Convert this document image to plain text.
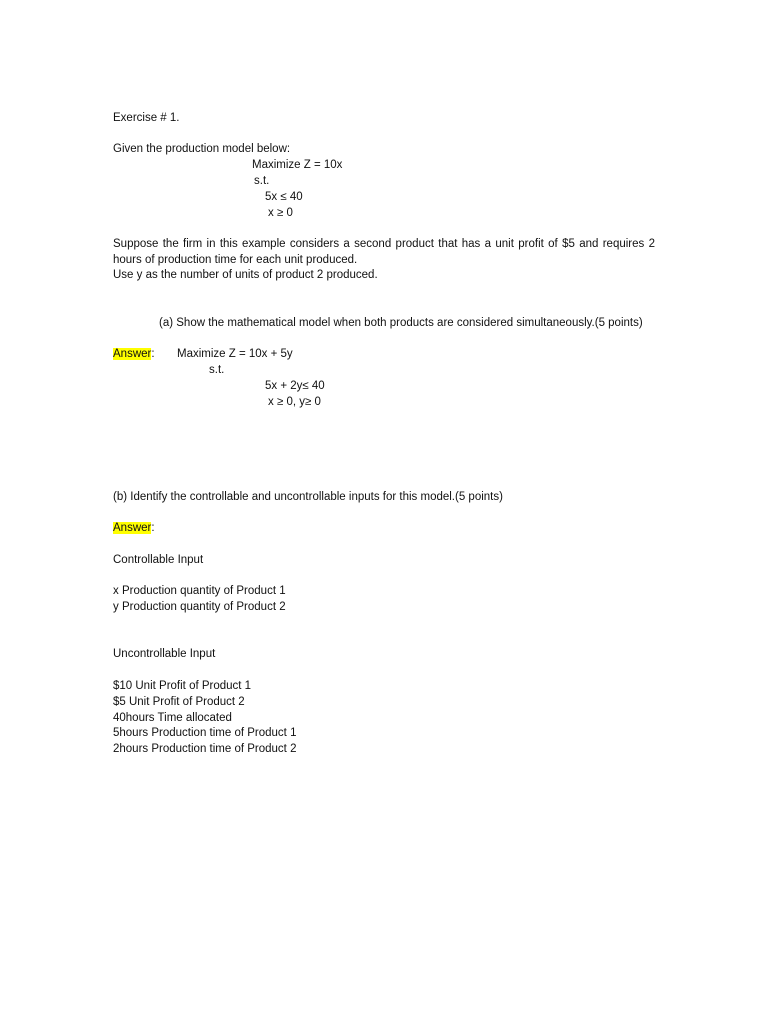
Exercise # 1.
Given the production model below:
Maximize Z = 10x
s.t.
5x ≤ 40
x ≥ 0
Suppose the firm in this example considers a second product that has a unit profit of $5 and requires 2 hours of production time for each unit produced.
Use y as the number of units of product 2 produced.
(a) Show the mathematical model when both products are considered simultaneously.(5 points)
Answer: Maximize Z = 10x + 5y
s.t.
5x + 2y≤ 40
x ≥ 0, y≥ 0
(b) Identify the controllable and uncontrollable inputs for this model.(5 points)
Answer:
Controllable Input
x Production quantity of Product 1
y Production quantity of Product 2
Uncontrollable Input
$10 Unit Profit of Product 1
$5 Unit Profit of Product 2
40hours Time allocated
5hours Production time of Product 1
2hours Production time of Product 2
